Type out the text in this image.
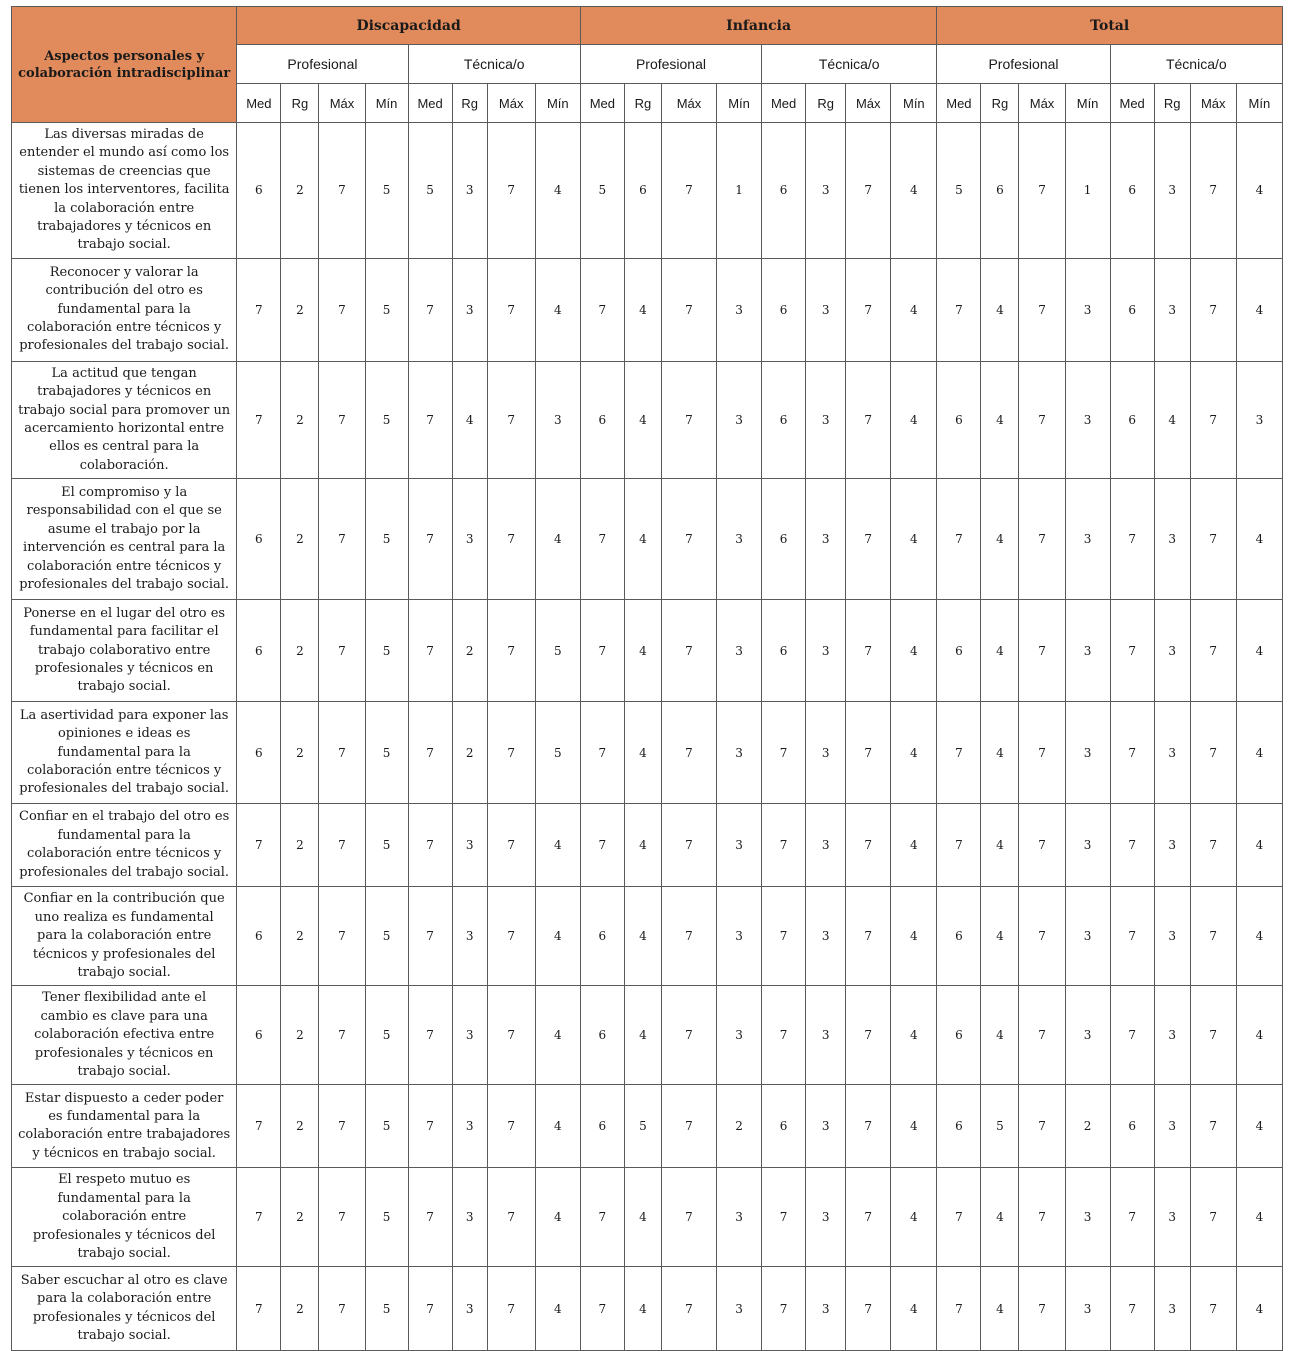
Aspectos personales y colaboración intradisciplinar	Discapacidad								Infancia								Total							
	Profesional				Técnica/o				Profesional				Técnica/o				Profesional				Técnica/o			
	Med	Rg	Máx	Mín	Med	Rg	Máx	Mín	Med	Rg	Máx	Mín	Med	Rg	Máx	Mín	Med	Rg	Máx	Mín	Med	Rg	Máx	Mín
Las diversas miradas de entender el mundo así como los sistemas de creencias que tienen los interventores, facilita la colaboración entre trabajadores y técnicos en trabajo social.	6	2	7	5	5	3	7	4	5	6	7	1	6	3	7	4	5	6	7	1	6	3	7	4
Reconocer y valorar la contribución del otro es fundamental para la colaboración entre técnicos y profesionales del trabajo social.	7	2	7	5	7	3	7	4	7	4	7	3	6	3	7	4	7	4	7	3	6	3	7	4
La actitud que tengan trabajadores y técnicos en trabajo social para promover un acercamiento horizontal entre ellos es central para la colaboración.	7	2	7	5	7	4	7	3	6	4	7	3	6	3	7	4	6	4	7	3	6	4	7	3
El compromiso y la responsabilidad con el que se asume el trabajo por la intervención es central para la colaboración entre técnicos y profesionales del trabajo social.	6	2	7	5	7	3	7	4	7	4	7	3	6	3	7	4	7	4	7	3	7	3	7	4
Ponerse en el lugar del otro es fundamental para facilitar el trabajo colaborativo entre profesionales y técnicos en trabajo social.	6	2	7	5	7	2	7	5	7	4	7	3	6	3	7	4	6	4	7	3	7	3	7	4
La asertividad para exponer las opiniones e ideas es fundamental para la colaboración entre técnicos y profesionales del trabajo social.	6	2	7	5	7	2	7	5	7	4	7	3	7	3	7	4	7	4	7	3	7	3	7	4
Confiar en el trabajo del otro es fundamental para la colaboración entre técnicos y profesionales del trabajo social.	7	2	7	5	7	3	7	4	7	4	7	3	7	3	7	4	7	4	7	3	7	3	7	4
Confiar en la contribución que uno realiza es fundamental para la colaboración entre técnicos y profesionales del trabajo social.	6	2	7	5	7	3	7	4	6	4	7	3	7	3	7	4	6	4	7	3	7	3	7	4
Tener flexibilidad ante el cambio es clave para una colaboración efectiva entre profesionales y técnicos en trabajo social.	6	2	7	5	7	3	7	4	6	4	7	3	7	3	7	4	6	4	7	3	7	3	7	4
Estar dispuesto a ceder poder es fundamental para la colaboración entre trabajadores y técnicos en trabajo social.	7	2	7	5	7	3	7	4	6	5	7	2	6	3	7	4	6	5	7	2	6	3	7	4
El respeto mutuo es fundamental para la colaboración entre profesionales y técnicos del trabajo social.	7	2	7	5	7	3	7	4	7	4	7	3	7	3	7	4	7	4	7	3	7	3	7	4
Saber escuchar al otro es clave para la colaboración entre profesionales y técnicos del trabajo social.	7	2	7	5	7	3	7	4	7	4	7	3	7	3	7	4	7	4	7	3	7	3	7	4
